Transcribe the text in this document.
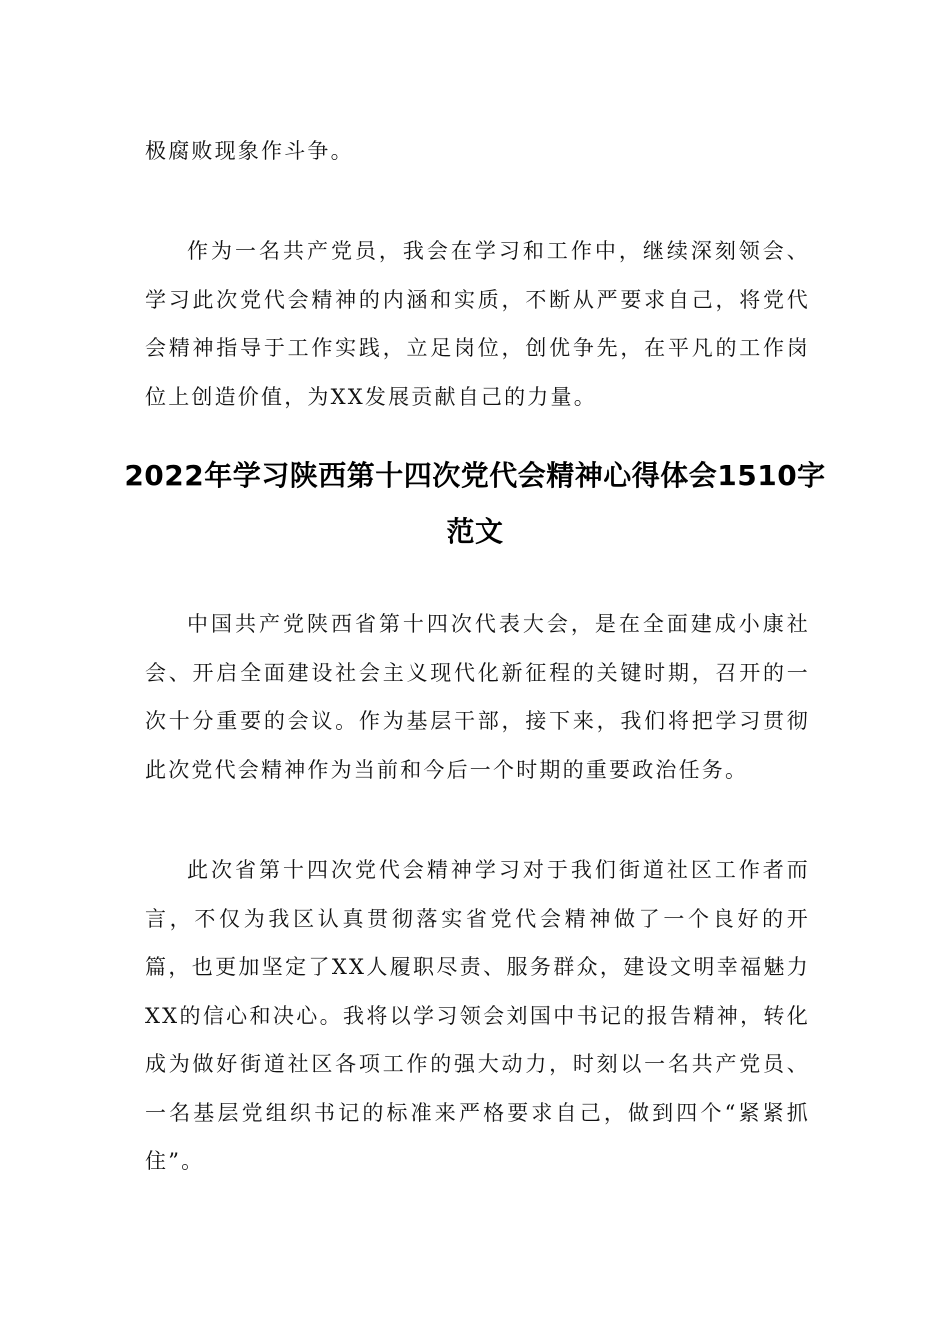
极腐败现象作斗争。

作为一名共产党员，我会在学习和工作中，继续深刻领会、学习此次党代会精神的内涵和实质，不断从严要求自己，将党代会精神指导于工作实践，立足岗位，创优争先，在平凡的工作岗位上创造价值，为XX发展贡献自己的力量。

2022年学习陕西第十四次党代会精神心得体会1510字范文

中国共产党陕西省第十四次代表大会，是在全面建成小康社会、开启全面建设社会主义现代化新征程的关键时期，召开的一次十分重要的会议。作为基层干部，接下来，我们将把学习贯彻此次党代会精神作为当前和今后一个时期的重要政治任务。

此次省第十四次党代会精神学习对于我们街道社区工作者而言，不仅为我区认真贯彻落实省党代会精神做了一个良好的开篇，也更加坚定了XX人履职尽责、服务群众，建设文明幸福魅力XX的信心和决心。我将以学习领会刘国中书记的报告精神，转化成为做好街道社区各项工作的强大动力，时刻以一名共产党员、一名基层党组织书记的标准来严格要求自己，做到四个“紧紧抓住”。
